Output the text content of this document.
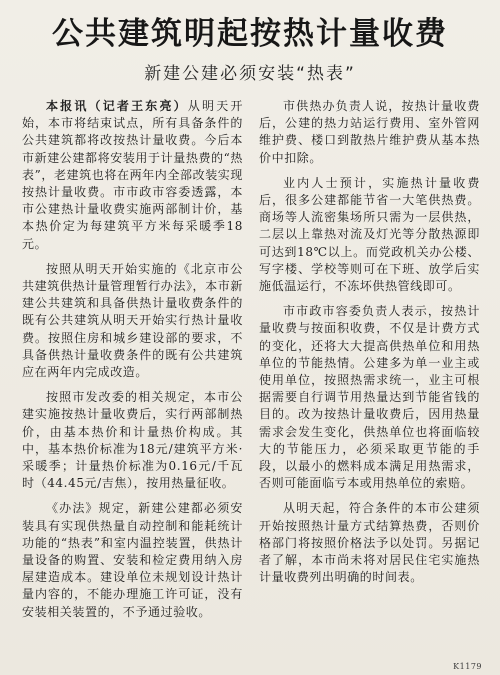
公共建筑明起按热计量收费
新建公建必须安装“热表”

本报讯（记者王东亮）从明天开始，本市将结束试点，所有具备条件的公共建筑都将改按热计量收费。今后本市新建公建都将安装用于计量热费的“热表”，老建筑也将在两年内全部改装实现按热计量收费。市市政市容委透露，本市公建热计量收费实施两部制计价，基本热价定为每建筑平方米每采暖季18元。

按照从明天开始实施的《北京市公共建筑供热计量管理暂行办法》，本市新建公共建筑和具备供热计量收费条件的既有公共建筑从明天开始实行热计量收费。按照住房和城乡建设部的要求，不具备供热计量收费条件的既有公共建筑应在两年内完成改造。

按照市发改委的相关规定，本市公建实施按热计量收费后，实行两部制热价，由基本热价和计量热价构成。其中，基本热价标准为18元/建筑平方米·采暖季；计量热价标准为0.16元/千瓦时（44.45元/吉焦），按用热量征收。

《办法》规定，新建公建都必须安装具有实现供热量自动控制和能耗统计功能的“热表”和室内温控装置，供热计量设备的购置、安装和检定费用纳入房屋建造成本。建设单位未规划设计热计量内容的，不能办理施工许可证，没有安装相关装置的，不予通过验收。

市供热办负责人说，按热计量收费后，公建的热力站运行费用、室外管网维护费、楼口到散热片维护费从基本热价中扣除。

业内人士预计，实施热计量收费后，很多公建都能节省一大笔供热费。商场等人流密集场所只需为一层供热，二层以上靠热对流及灯光等分散热源即可达到18℃以上。而党政机关办公楼、写字楼、学校等则可在下班、放学后实施低温运行，不冻坏供热管线即可。

市市政市容委负责人表示，按热计量收费与按面积收费，不仅是计费方式的变化，还将大大提高供热单位和用热单位的节能热情。公建多为单一业主或使用单位，按照热需求统一，业主可根据需要自行调节用热量达到节能省钱的目的。改为按热计量收费后，因用热量需求会发生变化，供热单位也将面临较大的节能压力，必须采取更节能的手段，以最小的燃料成本满足用热需求，否则可能面临亏本或用热单位的索赔。

从明天起，符合条件的本市公建须开始按照热计量方式结算热费，否则价格部门将按照价格法予以处罚。另据记者了解，本市尚未将对居民住宅实施热计量收费列出明确的时间表。

K1179
